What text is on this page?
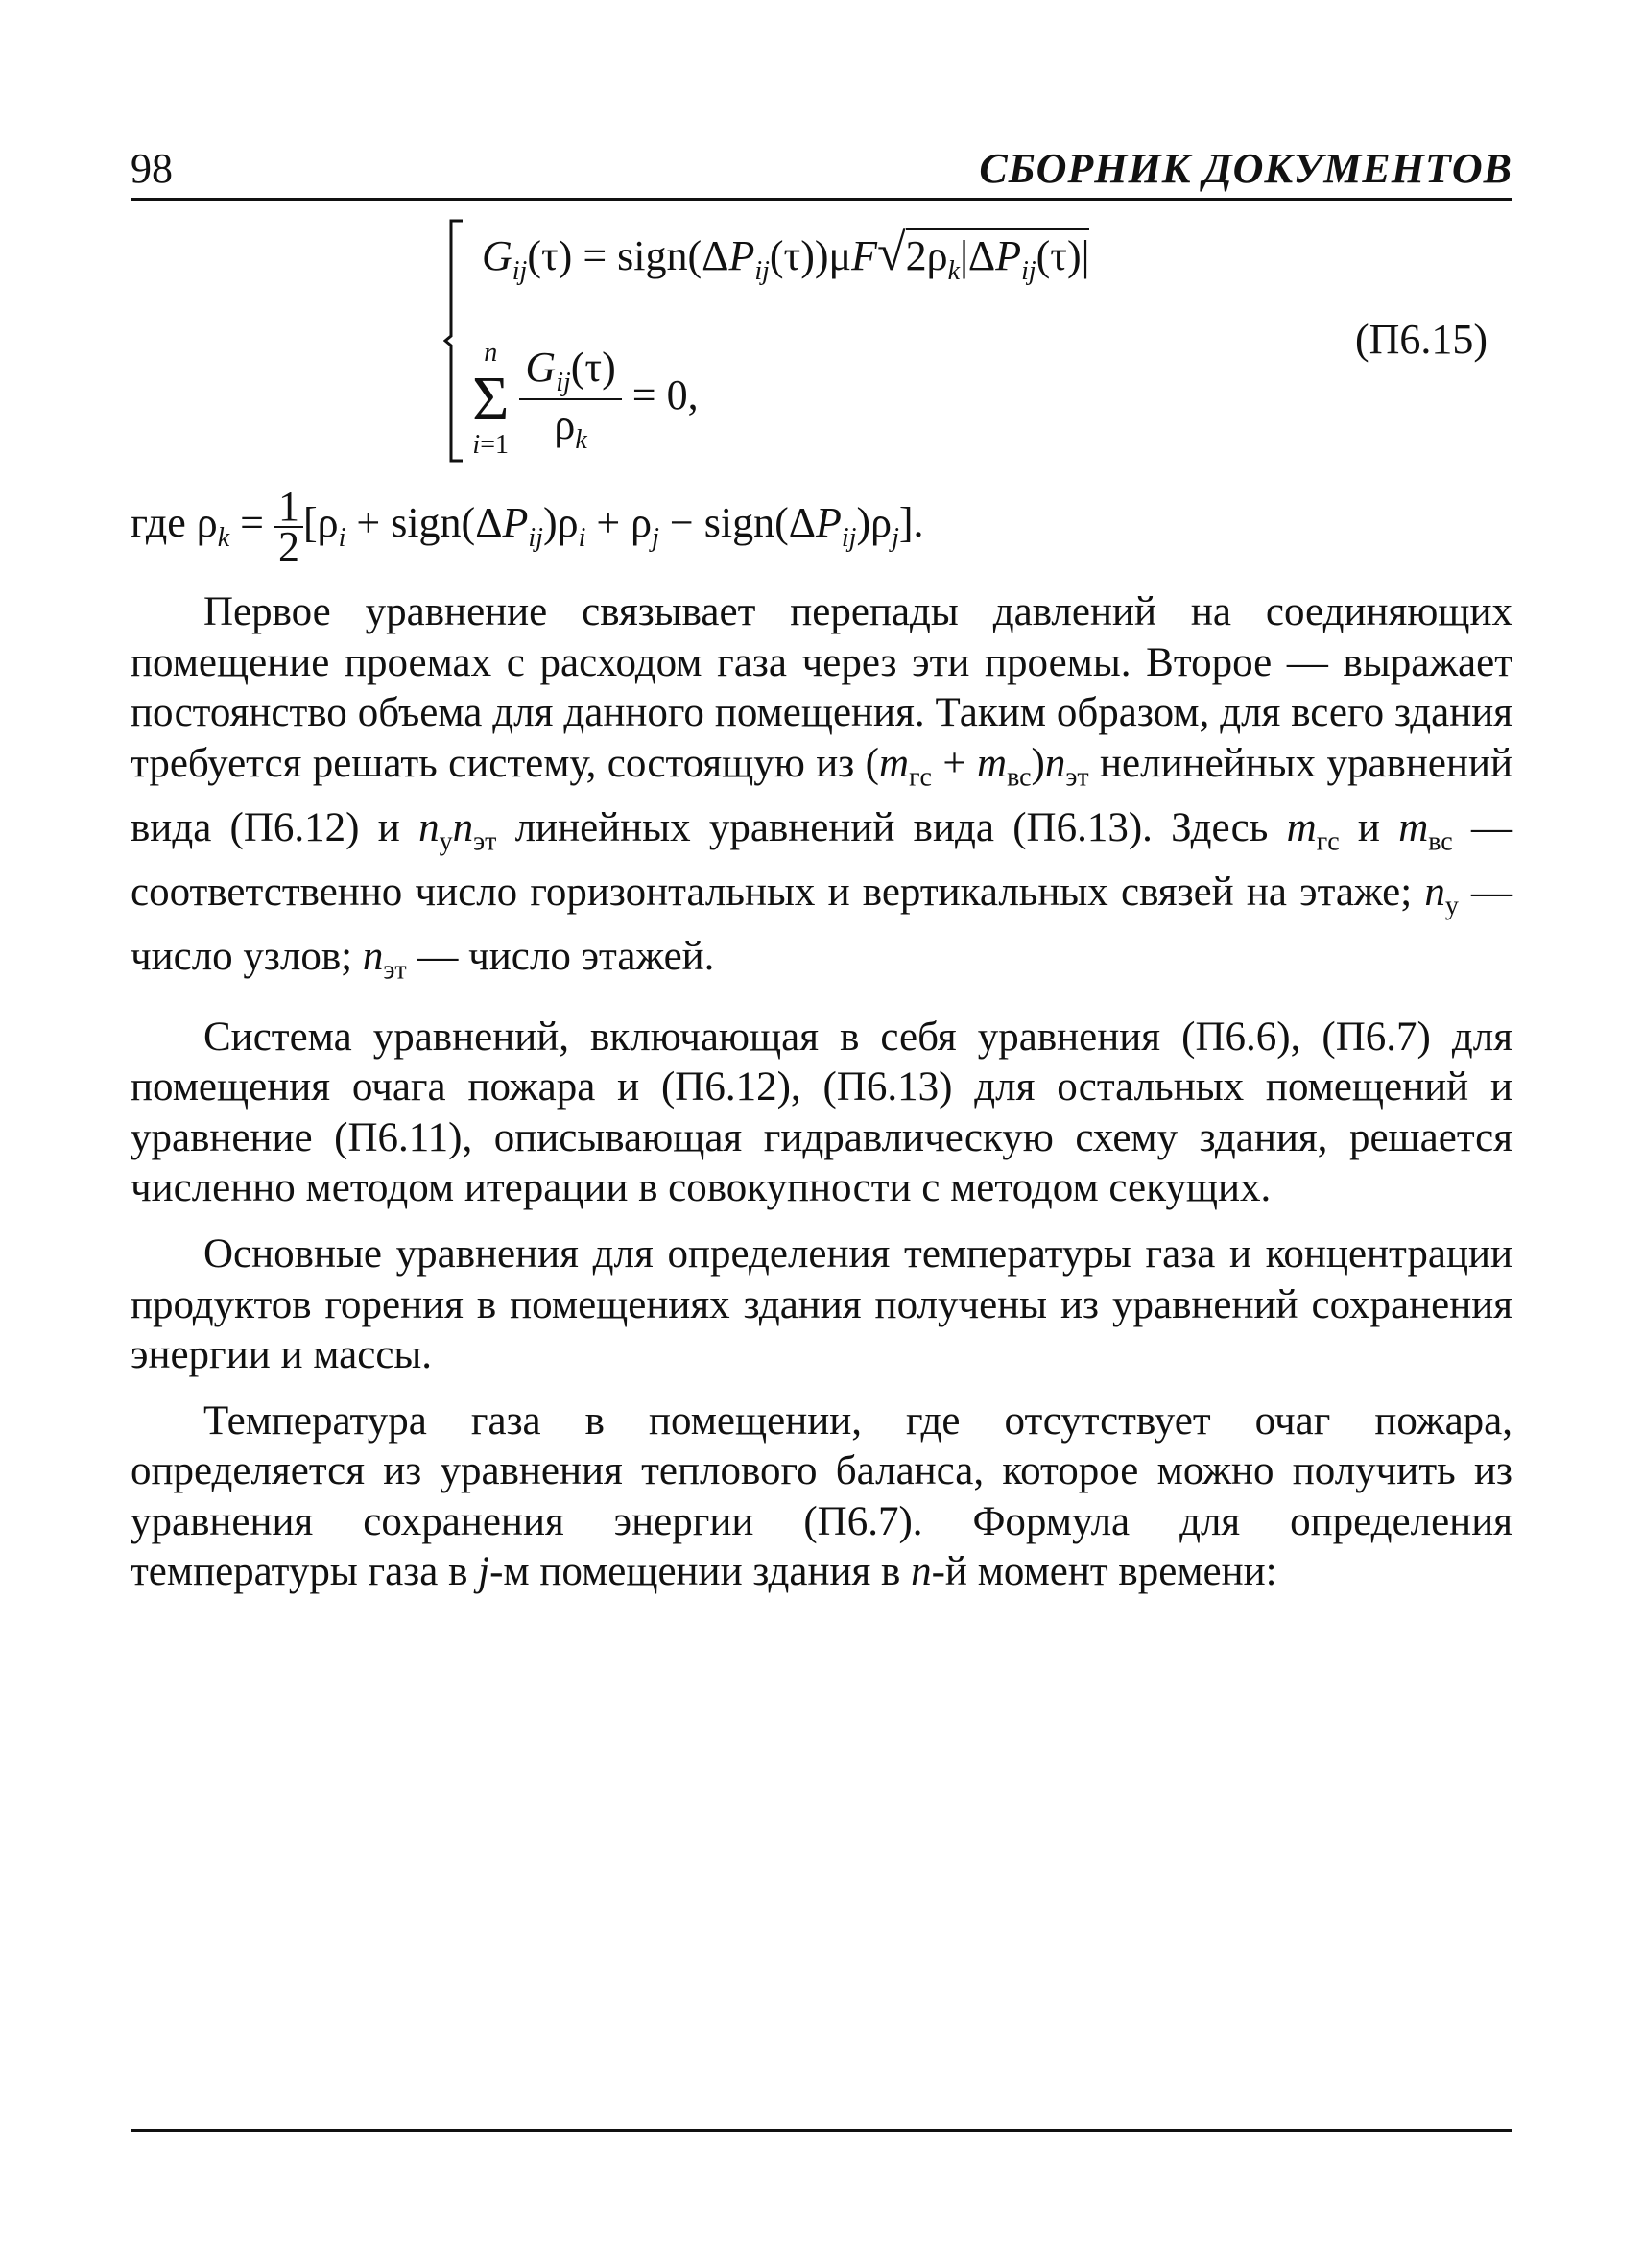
98	СБОРНИК ДОКУМЕНТОВ
$G_{ij}(\tau)$ = $sign(\Delta P_{ij}(\tau))\mu F√2\rho_k|\Delta P_{ij}(\tau)|$
n
Σ
i=1
$\frac{G_{ij}(\tau)}{\rho_k} = 0$,
(П6.15)
где $\rho_k = \frac{1}{2}[\rho_i$ + $sign(\Delta P_{ij})\rho_i + \rho_j$ − $sign(\Delta P_{ij})\rho_j$].

Первое уравнение связывает перепады давлений на соединяющих помещение проемах с расходом газа через эти проемы. Второе — выражает постоянство объема для данного помещения. Таким образом, для всего здания требуется решать систему, состоящую из $(m_{гс} + m_{вс})n_{эт}$ нелинейных уравнений вида (П6.12) и $n_уn_{эт}$ линейных уравнений вида (П6.13). Здесь $m_{гс}$ и $m_{вс}$ — соответственно число горизонтальных и вертикальных связей на этаже; $n_у$ — число узлов; $n_{эт}$ — число этажей.

Система уравнений, включающая в себя уравнения (П6.6), (П6.7) для помещения очага пожара и (П6.12), (П6.13) для остальных помещений и уравнение (П6.11), описывающая гидравлическую схему здания, решается численно методом итерации в совокупности с методом секущих.

Основные уравнения для определения температуры газа и концентрации продуктов горения в помещениях здания получены из уравнений сохранения энергии и массы.

Температура газа в помещении, где отсутствует очаг пожара, определяется из уравнения теплового баланса, которое можно получить из уравнения сохранения энергии (П6.7). Формула для определения температуры газа в j-м помещении здания в n-й момент времени:
